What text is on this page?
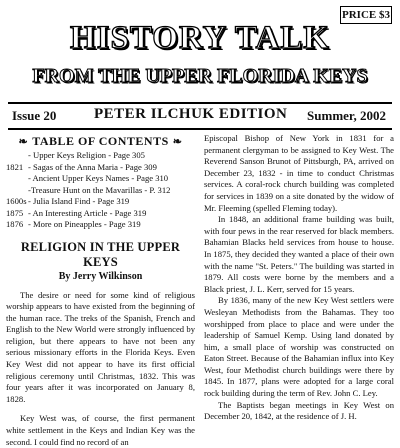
PRICE $3
HISTORY TALK
FROM THE UPPER FLORIDA KEYS
Issue 20	PETER ILCHUK EDITION Summer, 2002
❧ TABLE OF CONTENTS ❧
- Upper Keys Religion - Page 305
1821 - Sagas of the Anna Maria - Page 309
- Ancient Upper Keys Names - Page 310
-Treasure Hunt on the Mavarillas - P. 312
1600s - Julia Island Find - Page 319
1875 - An Interesting Article - Page 319
1876 - More on Pineapples - Page 319
RELIGION IN THE UPPER KEYS
By Jerry Wilkinson

The desire or need for some kind of religious worship appears to have existed from the beginning of the human race. The treks of the Spanish, French and English to the New World were strongly influenced by religion, but there appears to have not been any serious missionary efforts in the Florida Keys. Even Key West did not appear to have its first official religious ceremony until Christmas, 1832. This was four years after it was incorporated on January 8, 1828.

Key West was, of course, the first permanent white settlement in the Keys and Indian Key was the second. I could find no record of an

Episcopal Bishop of New York in 1831 for a permanent clergyman to be assigned to Key West. The Reverend Sanson Brunot of Pittsburgh, PA, arrived on December 23, 1832 - in time to conduct Christmas services. A coral-rock church building was completed for services in 1839 on a site donated by the widow of Mr. Fleeming (spelled Fleming today).

In 1848, an additional frame building was built, with four pews in the rear reserved for black members. Bahamian Blacks held services from house to house. In 1875, they decided they wanted a place of their own with the name "St. Peters." The building was started in 1879. All costs were borne by the members and a Black priest, J. L. Kerr, served for 15 years.

By 1836, many of the new Key West settlers were Wesleyan Methodists from the Bahamas. They too worshipped from place to place and were under the leadership of Samuel Kemp. Using land donated by him, a small place of worship was constructed on Eaton Street. Because of the Bahamian influx into Key West, four Methodist church buildings were there by 1845. In 1877, plans were adopted for a large coral rock building during the term of Rev. John C. Ley.

The Baptists began meetings in Key West on December 20, 1842, at the residence of J. H.
